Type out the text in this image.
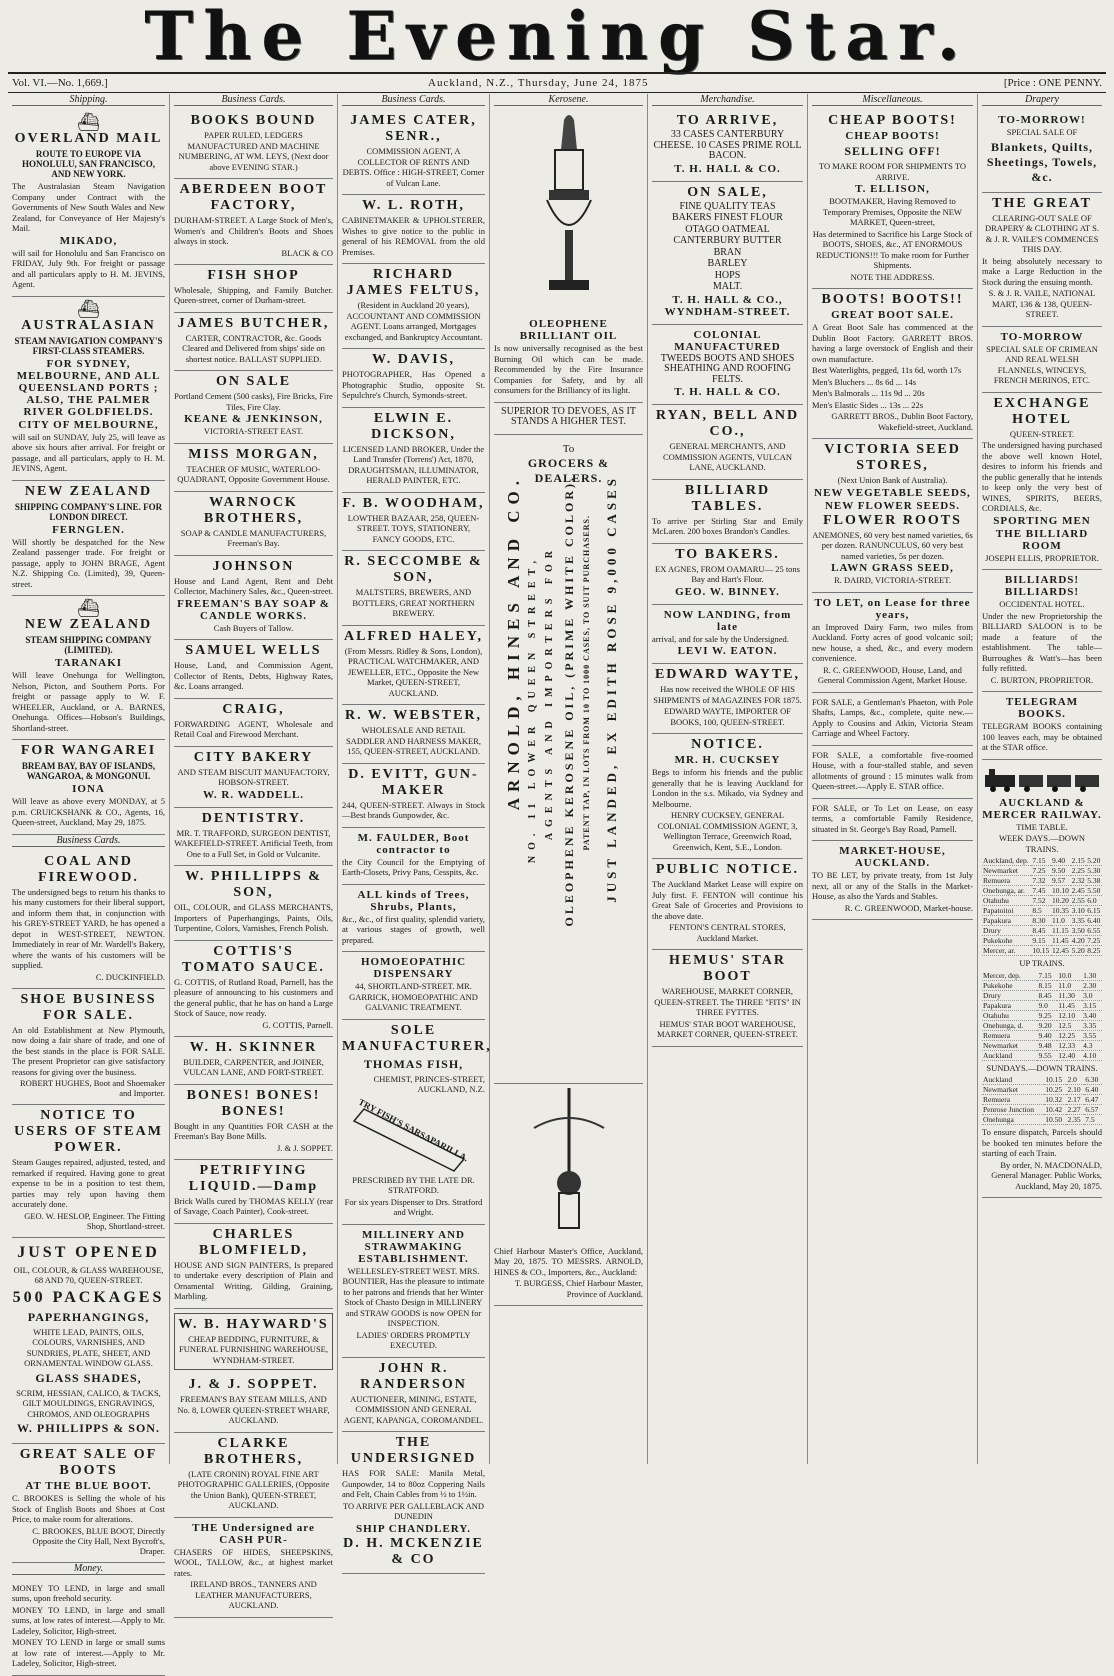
The Evening Star.
Vol. VI.—No. 1,669.]	Auckland, N.Z., Thursday, June 24, 1875	[Price : ONE PENNY.
Shipping.
⛴
OVERLAND MAIL
ROUTE TO EUROPE VIA HONOLULU, SAN FRANCISCO, AND NEW YORK.

The Australasian Steam Navigation Company under Contract with the Governments of New South Wales and New Zealand, for Conveyance of Her Majesty's Mail.

MIKADO,

will sail for Honolulu and San Francisco on FRIDAY, July 9th. For freight or passage and all particulars apply to H. M. JEVINS, Agent.

⛴
AUSTRALASIAN
STEAM NAVIGATION COMPANY'S FIRST-CLASS STEAMERS.
FOR SYDNEY, MELBOURNE, AND ALL QUEENSLAND PORTS ; ALSO, THE PALMER RIVER GOLDFIELDS.
CITY OF MELBOURNE,

will sail on SUNDAY, July 25, will leave as above six hours after arrival. For freight or passage, and all particulars, apply to H. M. JEVINS, Agent.

NEW ZEALAND
SHIPPING COMPANY'S LINE. FOR LONDON DIRECT.
FERNGLEN.

Will shortly be despatched for the New Zealand passenger trade. For freight or passage, apply to JOHN BRAGE, Agent N.Z. Shipping Co. (Limited), 39, Queen-street.

⛴
NEW ZEALAND
STEAM SHIPPING COMPANY (LIMITED).
TARANAKI

Will leave Onehunga for Wellington, Nelson, Picton, and Southern Ports. For freight or passage apply to W. F. WHEELER, Auckland, or A. BARNES, Onehunga. Offices—Hobson's Buildings, Shortland-street.

FOR WANGAREI
BREAM BAY, BAY OF ISLANDS, WANGAROA, & MONGONUI.
IONA

Will leave as above every MONDAY, at 5 p.m. CRUICKSHANK & CO., Agents, 16, Queen-street, Auckland, May 29, 1875.

Business Cards.
COAL AND FIREWOOD.

The undersigned begs to return his thanks to his many customers for their liberal support, and inform them that, in conjunction with his GREY-STREET YARD, he has opened a depot in WEST-STREET, NEWTON. Immediately in rear of Mr. Wardell's Bakery, where the wants of his customers will be supplied.

C. DUCKINFIELD.
SHOE BUSINESS FOR SALE.

An old Establishment at New Plymouth, now doing a fair share of trade, and one of the best stands in the place is FOR SALE. The present Proprietor can give satisfactory reasons for giving over the business.

ROBERT HUGHES, Boot and Shoemaker and Importer.
NOTICE TO USERS OF STEAM POWER.

Steam Gauges repaired, adjusted, tested, and remarked if required. Having gone to great expense to be in a position to test them, parties may rely upon having them accurately done.

GEO. W. HESLOP, Engineer. The Fitting Shop, Shortland-street.
JUST OPENED

OIL, COLOUR, & GLASS WAREHOUSE, 68 AND 70, QUEEN-STREET.

500 PACKAGES
PAPERHANGINGS,

WHITE LEAD, PAINTS, OILS, COLOURS, VARNISHES, AND SUNDRIES, PLATE, SHEET, AND ORNAMENTAL WINDOW GLASS.

GLASS SHADES,

SCRIM, HESSIAN, CALICO, & TACKS, GILT MOULDINGS, ENGRAVINGS, CHROMOS, AND OLEOGRAPHS

W. PHILLIPPS & SON.
GREAT SALE OF BOOTS
AT THE BLUE BOOT.

C. BROOKES is Selling the whole of his Stock of English Boots and Shoes at Cost Price, to make room for alterations.

C. BROOKES, BLUE BOOT, Directly Opposite the City Hall, Next Bycroft's, Draper.
Money.

MONEY TO LEND, in large and small sums, upon freehold security.

MONEY TO LEND, in large and small sums, at low rates of interest.—Apply to Mr. Ladeley, Solicitor, High-street.

MONEY TO LEND in large or small sums at low rate of interest.—Apply to Mr. Ladeley, Solicitor, High-street.

Business Cards.
BOOKS BOUND

PAPER RULED, LEDGERS MANUFACTURED AND MACHINE NUMBERING, AT WM. LEYS, (Next door above EVENING STAR.)

ABERDEEN BOOT FACTORY,

DURHAM-STREET. A Large Stock of Men's, Women's and Children's Boots and Shoes always in stock.

BLACK & CO
FISH SHOP

Wholesale, Shipping, and Family Butcher. Queen-street, corner of Durham-street.

JAMES BUTCHER,

CARTER, CONTRACTOR, &c. Goods Cleared and Delivered from ships' side on shortest notice. BALLAST SUPPLIED.

ON SALE

Portland Cement (500 casks), Fire Bricks, Fire Tiles, Fire Clay.

KEANE & JENKINSON,

VICTORIA-STREET EAST.

MISS MORGAN,

TEACHER OF MUSIC, WATERLOO-QUADRANT, Opposite Government House.

WARNOCK BROTHERS,

SOAP & CANDLE MANUFACTURERS, Freeman's Bay.

JOHNSON

House and Land Agent, Rent and Debt Collector, Machinery Sales, &c., Queen-street.

FREEMAN'S BAY SOAP & CANDLE WORKS.

Cash Buyers of Tallow.

SAMUEL WELLS

House, Land, and Commission Agent, Collector of Rents, Debts, Highway Rates, &c. Loans arranged.

CRAIG,

FORWARDING AGENT, Wholesale and Retail Coal and Firewood Merchant.

CITY BAKERY

AND STEAM BISCUIT MANUFACTORY, HOBSON-STREET.

W. R. WADDELL.
DENTISTRY.

MR. T. TRAFFORD, SURGEON DENTIST, WAKEFIELD-STREET. Artificial Teeth, from One to a Full Set, in Gold or Vulcanite.

W. PHILLIPPS & SON,

OIL, COLOUR, and GLASS MERCHANTS, Importers of Paperhangings, Paints, Oils, Turpentine, Colors, Varnishes, French Polish.

COTTIS'S TOMATO SAUCE.

G. COTTIS, of Rutland Road, Parnell, has the pleasure of announcing to his customers and the general public, that he has on hand a Large Stock of Sauce, now ready.

G. COTTIS, Parnell.
W. H. SKINNER

BUILDER, CARPENTER, and JOINER, VULCAN LANE, AND FORT-STREET.

BONES! BONES! BONES!

Bought in any Quantities FOR CASH at the Freeman's Bay Bone Mills.

J. & J. SOPPET.
PETRIFYING LIQUID.—Damp

Brick Walls cured by THOMAS KELLY (rear of Savage, Coach Painter), Cook-street.

CHARLES BLOMFIELD,

HOUSE AND SIGN PAINTERS, Is prepared to undertake every description of Plain and Ornamental Writing, Gilding, Graining, Marbling.

W. B. HAYWARD'S

CHEAP BEDDING, FURNITURE, & FUNERAL FURNISHING WAREHOUSE, WYNDHAM-STREET.

J. & J. SOPPET.

FREEMAN'S BAY STEAM MILLS, AND No. 8, LOWER QUEEN-STREET WHARF, AUCKLAND.

CLARKE BROTHERS,

(LATE CRONIN) ROYAL FINE ART PHOTOGRAPHIC GALLERIES, (Opposite the Union Bank), QUEEN-STREET, AUCKLAND.

THE Undersigned are CASH PUR-

CHASERS OF HIDES, SHEEPSKINS, WOOL, TALLOW, &c., at highest market rates.

IRELAND BROS., TANNERS AND LEATHER MANUFACTURERS, AUCKLAND.

Business Cards.
JAMES CATER, SENR.,

COMMISSION AGENT, A COLLECTOR OF RENTS AND DEBTS. Office : HIGH-STREET, Corner of Vulcan Lane.

W. L. ROTH,

CABINETMAKER & UPHOLSTERER, Wishes to give notice to the public in general of his REMOVAL from the old Premises.

RICHARD JAMES FELTUS,

(Resident in Auckland 20 years), ACCOUNTANT AND COMMISSION AGENT. Loans arranged, Mortgages exchanged, and Bankruptcy Accountant.

W. DAVIS,

PHOTOGRAPHER, Has Opened a Photographic Studio, opposite St. Sepulchre's Church, Symonds-street.

ELWIN E. DICKSON,

LICENSED LAND BROKER, Under the Land Transfer (Torrens') Act, 1870, DRAUGHTSMAN, ILLUMINATOR, HERALD PAINTER, ETC.

F. B. WOODHAM,

LOWTHER BAZAAR, 258, QUEEN-STREET. TOYS, STATIONERY, FANCY GOODS, ETC.

R. SECCOMBE & SON,

MALTSTERS, BREWERS, AND BOTTLERS, GREAT NORTHERN BREWERY.

ALFRED HALEY,

(From Messrs. Ridley & Sons, London), PRACTICAL WATCHMAKER, AND JEWELLER, ETC., Opposite the New Market, QUEEN-STREET, AUCKLAND.

R. W. WEBSTER,

WHOLESALE AND RETAIL SADDLER AND HARNESS MAKER, 155, QUEEN-STREET, AUCKLAND.

D. EVITT, GUN-MAKER

244, QUEEN-STREET. Always in Stock—Best brands Gunpowder, &c.

M. FAULDER, Boot contractor to

the City Council for the Emptying of Earth-Closets, Privy Pans, Cesspits, &c.

ALL kinds of Trees, Shrubs, Plants,

&c., &c., of first quality, splendid variety, at various stages of growth, well prepared.

HOMOEOPATHIC DISPENSARY

44, SHORTLAND-STREET. MR. GARRICK, HOMOEOPATHIC AND GALVANIC TREATMENT.

SOLE MANUFACTURER,
THOMAS FISH,

CHEMIST, PRINCES-STREET, AUCKLAND, N.Z.

TRY FISH'S SARSAPARILLA.

PRESCRIBED BY THE LATE DR. STRATFORD.

For six years Dispenser to Drs. Stratford and Wright.

MILLINERY AND STRAWMAKING ESTABLISHMENT.

WELLESLEY-STREET WEST. MRS. BOUNTIER, Has the pleasure to intimate to her patrons and friends that her Winter Stock of Chasto Design in MILLINERY and STRAW GOODS is now OPEN for INSPECTION.

LADIES' ORDERS PROMPTLY EXECUTED.

JOHN R. RANDERSON

AUCTIONEER, MINING, ESTATE, COMMISSION AND GENERAL AGENT, KAPANGA, COROMANDEL.

THE UNDERSIGNED

HAS FOR SALE: Manila Metal, Gunpowder, 14 to 80oz Coppering Nails and Felt, Chain Cables from ½ to 1½in.

TO ARRIVE PER GALLEBLACK AND DUNEDIN

SHIP CHANDLERY.
D. H. MCKENZIE & CO
Kerosene.
OLEOPHENE BRILLIANT OIL

Is now universally recognised as the best Burning Oil which can be made. Recommended by the Fire Insurance Companies for Safety, and by all consumers for the Brilliancy of its light.

SUPERIOR TO DEVOES, AS IT STANDS A HIGHER TEST.

To

GROCERS & DEALERS.
ARNOLD, HINES AND CO. NO. 11 LOWER QUEEN STREET, AGENTS AND IMPORTERS FOR OLEOPHENE KEROSENE OIL, (PRIME WHITE COLOR), PATENT TAP, IN LOTS FROM 10 TO 1000 CASES, TO SUIT PURCHASERS. JUST LANDED, EX EDITH ROSE 9,000 CASES

Chief Harbour Master's Office, Auckland, May 20, 1875. TO MESSRS. ARNOLD, HINES & CO., Importers, &c., Auckland:

T. BURGESS, Chief Harbour Master, Province of Auckland.

Merchandise.
TO ARRIVE,

33 CASES CANTERBURY CHEESE. 10 CASES PRIME ROLL BACON.

T. H. HALL & CO.
ON SALE,

FINE QUALITY TEAS

BAKERS FINEST FLOUR

OTAGO OATMEAL

CANTERBURY BUTTER

BRAN

BARLEY

HOPS

MALT.

T. H. HALL & CO., WYNDHAM-STREET.
COLONIAL MANUFACTURED

TWEEDS BOOTS AND SHOES SHEATHING AND ROOFING FELTS.

T. H. HALL & CO.
RYAN, BELL AND CO.,

GENERAL MERCHANTS, AND COMMISSION AGENTS, VULCAN LANE, AUCKLAND.

BILLIARD TABLES.

To arrive per Stirling Star and Emily McLaren. 200 boxes Brandon's Candles.

TO BAKERS.

EX AGNES, FROM OAMARU— 25 tons Bay and Hart's Flour.

GEO. W. BINNEY.
NOW LANDING, from late

arrival, and for sale by the Undersigned.

LEVI W. EATON.
EDWARD WAYTE,

Has now received the WHOLE OF HIS SHIPMENTS of MAGAZINES FOR 1875.

EDWARD WAYTE, IMPORTER OF BOOKS, 100, QUEEN-STREET.

NOTICE.
MR. H. CUCKSEY

Begs to inform his friends and the public generally that he is leaving Auckland for London in the s.s. Mikado, via Sydney and Melbourne.

HENRY CUCKSEY, GENERAL COLONIAL COMMISSION AGENT, 3, Wellington Terrace, Greenwich Road, Greenwich, Kent, S.E., London.

PUBLIC NOTICE.

The Auckland Market Lease will expire on July first. F. FENTON will continue his Great Sale of Groceries and Provisions to the above date.

FENTON'S CENTRAL STORES, Auckland Market.

HEMUS' STAR BOOT

WAREHOUSE, MARKET CORNER, QUEEN-STREET. The THREE "FITS" IN THREE FYTTES.

HEMUS' STAR BOOT WAREHOUSE, MARKET CORNER, QUEEN-STREET.

Miscellaneous.
CHEAP BOOTS!
CHEAP BOOTS!
SELLING OFF!

TO MAKE ROOM FOR SHIPMENTS TO ARRIVE.

T. ELLISON,

BOOTMAKER, Having Removed to Temporary Premises, Opposite the NEW MARKET, Queen-street,

Has determined to Sacrifice his Large Stock of BOOTS, SHOES, &c., AT ENORMOUS REDUCTIONS!!! To make room for Further Shipments.

NOTE THE ADDRESS.

BOOTS! BOOTS!!
GREAT BOOT SALE.

A Great Boot Sale has commenced at the Dublin Boot Factory. GARRETT BROS. having a large overstock of English and their own manufacture.

Best Waterlights, pegged, 11s 6d, worth 17s

Men's Bluchers ... 8s 6d ... 14s

Men's Balmorals ... 11s 9d ... 20s

Men's Elastic Sides ... 13s ... 22s

GARRETT BROS., Dublin Boot Factory, Wakefield-street, Auckland.

VICTORIA SEED STORES,

(Next Union Bank of Australia).

NEW VEGETABLE SEEDS,
NEW FLOWER SEEDS.
FLOWER ROOTS

ANEMONES, 60 very best named varieties, 6s per dozen. RANUNCULUS, 60 very best named varieties, 5s per dozen.

LAWN GRASS SEED,

R. DAIRD, VICTORIA-STREET.

TO LET, on Lease for three years,

an Improved Dairy Farm, two miles from Auckland. Forty acres of good volcanic soil; new house, a shed, &c., and every modern convenience.

R. C. GREENWOOD, House, Land, and General Commission Agent, Market House.

FOR SALE, a Gentleman's Phaeton, with Pole Shafts, Lamps, &c., complete, quite new.—Apply to Cousins and Atkin, Victoria Steam Carriage and Wheel Factory.

FOR SALE, a comfortable five-roomed House, with a four-stalled stable, and seven allotments of ground : 15 minutes walk from Queen-street.—Apply E. STAR office.

FOR SALE, or To Let on Lease, on easy terms, a comfortable Family Residence, situated in St. George's Bay Road, Parnell.

MARKET-HOUSE, AUCKLAND.

TO BE LET, by private treaty, from 1st July next, all or any of the Stalls in the Market-House, as also the Yards and Stables.

R. C. GREENWOOD, Market-house.

Drapery
TO-MORROW!

SPECIAL SALE OF

Blankets, Quilts, Sheetings, Towels, &c.
THE GREAT

CLEARING-OUT SALE OF DRAPERY & CLOTHING AT S. & J. R. VAILE'S COMMENCES THIS DAY.

It being absolutely necessary to make a Large Reduction in the Stock during the ensuing month.

S. & J. R. VAILE, NATIONAL MART, 136 & 138, QUEEN-STREET.

TO-MORROW

SPECIAL SALE OF CRIMEAN AND REAL WELSH FLANNELS, WINCEYS, FRENCH MERINOS, ETC.

EXCHANGE HOTEL

QUEEN-STREET.

The undersigned having purchased the above well known Hotel, desires to inform his friends and the public generally that he intends to keep only the very best of WINES, SPIRITS, BEERS, CORDIALS, &c.

SPORTING MEN
THE BILLIARD ROOM

JOSEPH ELLIS, PROPRIETOR.

BILLIARDS! BILLIARDS!

OCCIDENTAL HOTEL.

Under the new Proprietorship the BILLIARD SALOON is to be made a feature of the establishment. The table—Burroughes & Watt's—has been fully refitted.

C. BURTON, PROPRIETOR.

TELEGRAM BOOKS.

TELEGRAM BOOKS containing 100 leaves each, may be obtained at the STAR office.

AUCKLAND & MERCER RAILWAY.

TIME TABLE.

WEEK DAYS.—DOWN TRAINS.

Auckland, dep.	7.15	9.40	2.15	5.20
Newmarket	7.25	9.50	2.25	5.30
Remuera	7.32	9.57	2.32	5.38
Onehunga, ar.	7.45	10.10	2.45	5.50
Otahuhu	7.52	10.20	2.55	6.0
Papatoitoi	8.5	10.35	3.10	6.15
Papakura	8.30	11.0	3.35	6.40
Drury	8.45	11.15	3.50	6.55
Pukekohe	9.15	11.45	4.20	7.25
Mercer, ar.	10.15	12.45	5.20	8.25

UP TRAINS.

Mercer, dep.	7.15	10.0	1.30
Pukekohe	8.15	11.0	2.30
Drury	8.45	11.30	3.0
Papakura	9.0	11.45	3.15
Otahuhu	9.25	12.10	3.40
Onehunga, d.	9.20	12.5	3.35
Remuera	9.40	12.25	3.55
Newmarket	9.48	12.33	4.3
Auckland	9.55	12.40	4.10

SUNDAYS.—DOWN TRAINS.

Auckland	10.15	2.0	6.30
Newmarket	10.25	2.10	6.40
Remuera	10.32	2.17	6.47
Penrose Junction	10.42	2.27	6.57
Onehunga	10.50	2.35	7.5

To ensure dispatch, Parcels should be booked ten minutes before the starting of each Train.

By order, N. MACDONALD, General Manager. Public Works, Auckland, May 20, 1875.
